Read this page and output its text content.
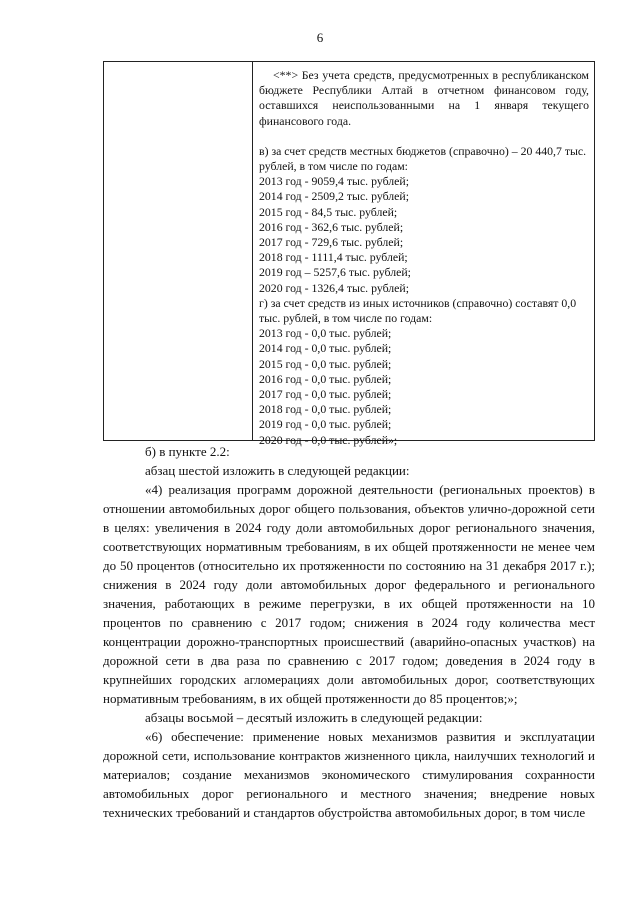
6

<**> Без учета средств, предусмотренных в республиканском бюджете Республики Алтай в отчетном финансовом году, оставшихся неиспользованными на 1 января текущего финансового года.

в) за счет средств местных бюджетов (справочно) – 20 440,7 тыс. рублей, в том числе по годам:

2013 год - 9059,4 тыс. рублей;

2014 год - 2509,2 тыс. рублей;

2015 год - 84,5 тыс. рублей;

2016 год - 362,6 тыс. рублей;

2017 год - 729,6 тыс. рублей;

2018 год - 1111,4 тыс. рублей;

2019 год – 5257,6 тыс. рублей;

2020 год - 1326,4 тыс. рублей;

г) за счет средств из иных источников (справочно) составят 0,0 тыс. рублей, в том числе по годам:

2013 год - 0,0 тыс. рублей;

2014 год - 0,0 тыс. рублей;

2015 год - 0,0 тыс. рублей;

2016 год - 0,0 тыс. рублей;

2017 год - 0,0 тыс. рублей;

2018 год - 0,0 тыс. рублей;

2019 год - 0,0 тыс. рублей;

2020 год - 0,0 тыс. рублей»;

б) в пункте 2.2:

абзац шестой изложить в следующей редакции:

«4) реализация программ дорожной деятельности (региональных проектов) в отношении автомобильных дорог общего пользования, объектов улично-дорожной сети в целях: увеличения в 2024 году доли автомобильных дорог регионального значения, соответствующих нормативным требованиям, в их общей протяженности не менее чем до 50 процентов (относительно их протяженности по состоянию на 31 декабря 2017 г.); снижения в 2024 году доли автомобильных дорог федерального и регионального значения, работающих в режиме перегрузки, в их общей протяженности на 10 процентов по сравнению с 2017 годом; снижения в 2024 году количества мест концентрации дорожно-транспортных происшествий (аварийно-опасных участков) на дорожной сети в два раза по сравнению с 2017 годом; доведения в 2024 году в крупнейших городских агломерациях доли автомобильных дорог, соответствующих нормативным требованиям, в их общей протяженности до 85 процентов;»;

абзацы восьмой – десятый изложить в следующей редакции:

«6) обеспечение: применение новых механизмов развития и эксплуатации дорожной сети, использование контрактов жизненного цикла, наилучших технологий и материалов; создание механизмов экономического стимулирования сохранности автомобильных дорог регионального и местного значения; внедрение новых технических требований и стандартов обустройства автомобильных дорог, в том числе
